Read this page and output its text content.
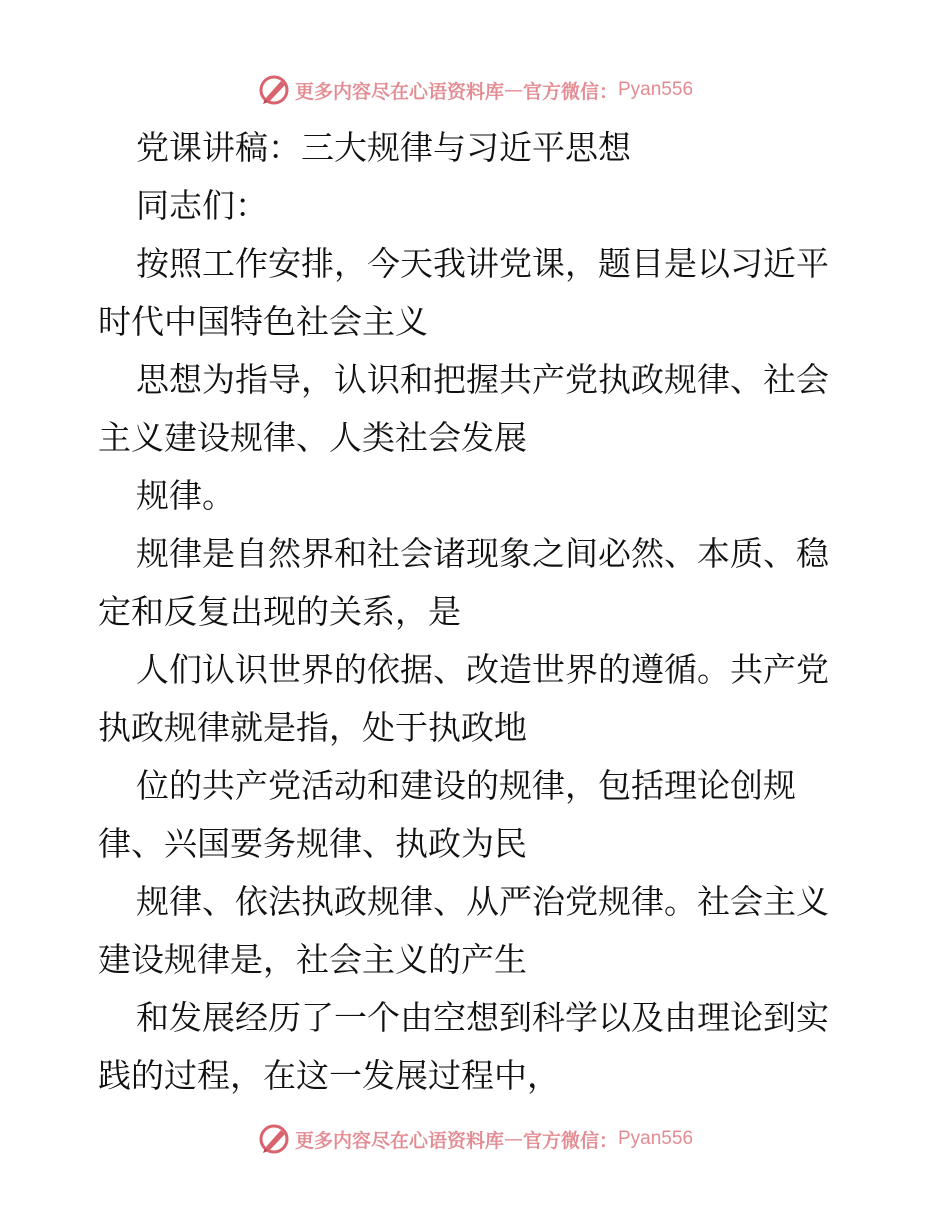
更多内容尽在心语资料库 — 官方微信： Pyan556
党课讲稿：三大规律与习近平思想
同志们：
按照工作安排，今天我讲党课，题目是以习近平
时代中国特色社会主义
思想为指导，认识和把握共产党执政规律、社会
主义建设规律、人类社会发展
规律。
规律是自然界和社会诸现象之间必然、本质、稳
定和反复出现的关系，是
人们认识世界的依据、改造世界的遵循。共产党
执政规律就是指，处于执政地
位的共产党活动和建设的规律，包括理论创规
律、兴国要务规律、执政为民
规律、依法执政规律、从严治党规律。社会主义
建设规律是，社会主义的产生
和发展经历了一个由空想到科学以及由理论到实
践的过程，在这一发展过程中，
更多内容尽在心语资料库 — 官方微信： Pyan556
